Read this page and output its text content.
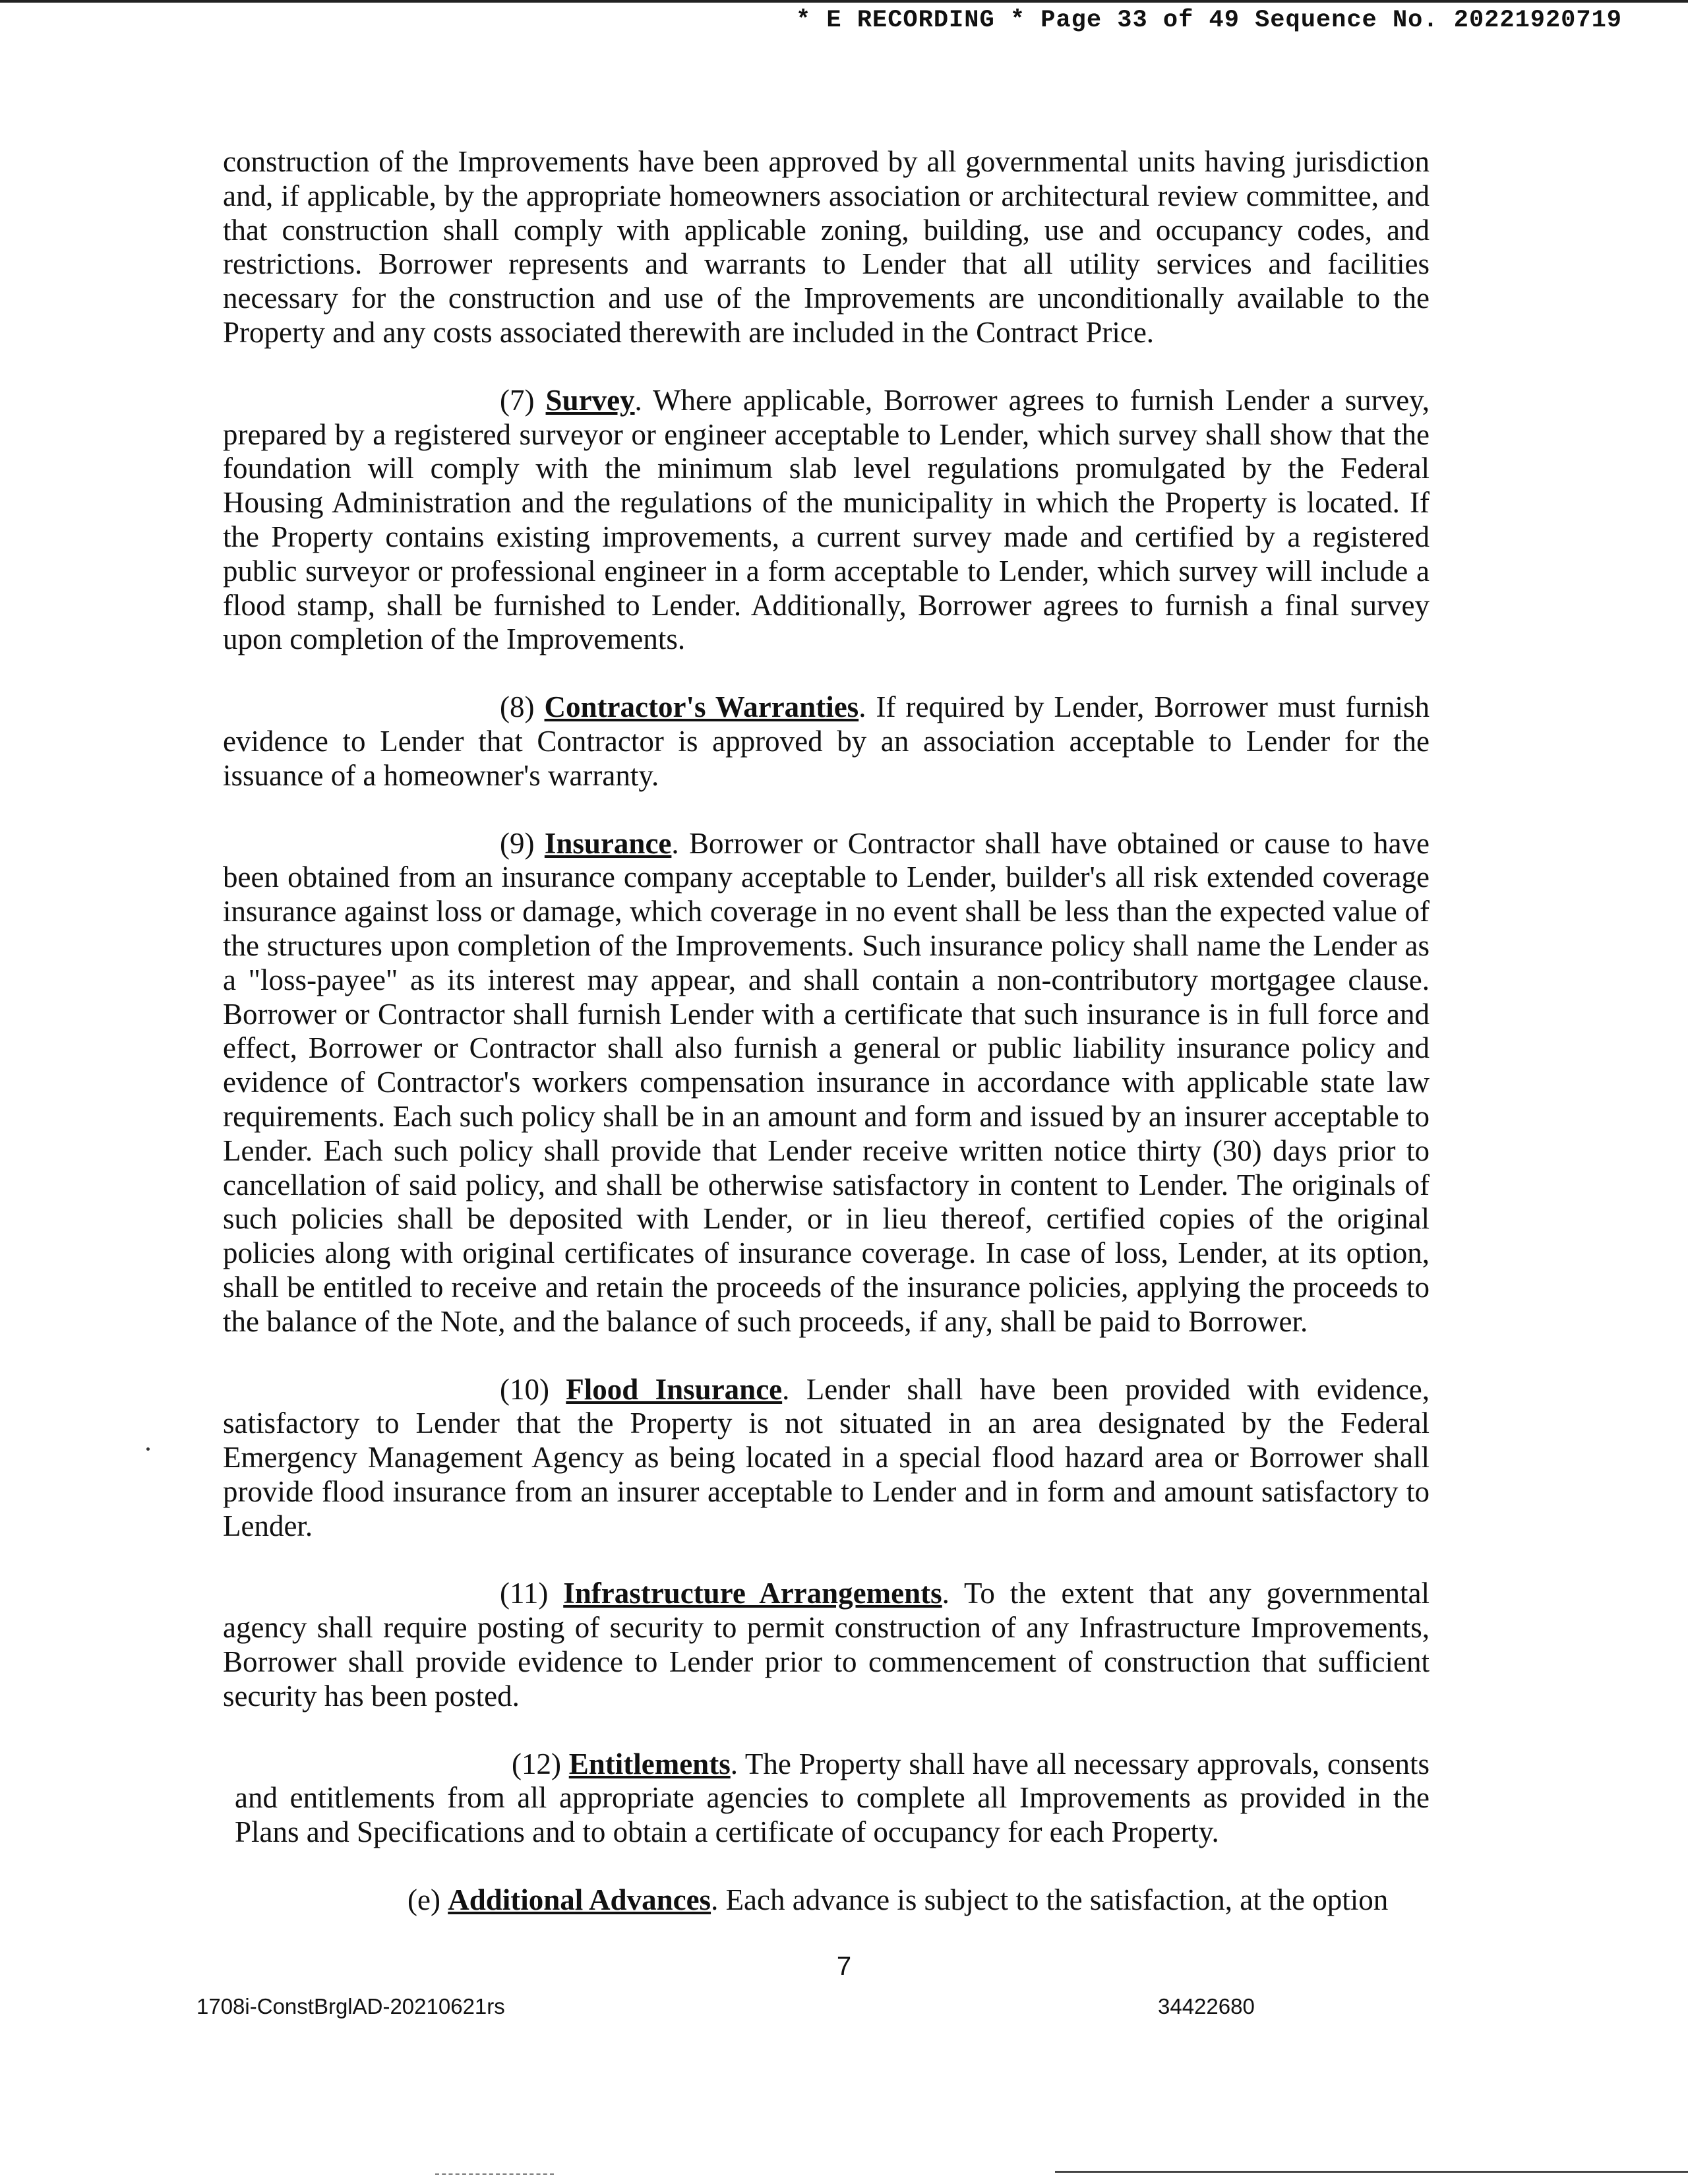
* E RECORDING * Page 33 of 49 Sequence No. 20221920719

construction of the Improvements have been approved by all governmental units having jurisdiction and, if applicable, by the appropriate homeowners association or architectural review committee, and that construction shall comply with applicable zoning, building, use and occupancy codes, and restrictions. Borrower represents and warrants to Lender that all utility services and facilities necessary for the construction and use of the Improvements are unconditionally available to the Property and any costs associated therewith are included in the Contract Price.

(7) Survey. Where applicable, Borrower agrees to furnish Lender a survey, prepared by a registered surveyor or engineer acceptable to Lender, which survey shall show that the foundation will comply with the minimum slab level regulations promulgated by the Federal Housing Administration and the regulations of the municipality in which the Property is located. If the Property contains existing improvements, a current survey made and certified by a registered public surveyor or professional engineer in a form acceptable to Lender, which survey will include a flood stamp, shall be furnished to Lender. Additionally, Borrower agrees to furnish a final survey upon completion of the Improvements.

(8) Contractor's Warranties. If required by Lender, Borrower must furnish evidence to Lender that Contractor is approved by an association acceptable to Lender for the issuance of a homeowner's warranty.

(9) Insurance. Borrower or Contractor shall have obtained or cause to have been obtained from an insurance company acceptable to Lender, builder's all risk extended coverage insurance against loss or damage, which coverage in no event shall be less than the expected value of the structures upon completion of the Improvements. Such insurance policy shall name the Lender as a "loss-payee" as its interest may appear, and shall contain a non-contributory mortgagee clause. Borrower or Contractor shall furnish Lender with a certificate that such insurance is in full force and effect, Borrower or Contractor shall also furnish a general or public liability insurance policy and evidence of Contractor's workers compensation insurance in accordance with applicable state law requirements. Each such policy shall be in an amount and form and issued by an insurer acceptable to Lender. Each such policy shall provide that Lender receive written notice thirty (30) days prior to cancellation of said policy, and shall be otherwise satisfactory in content to Lender. The originals of such policies shall be deposited with Lender, or in lieu thereof, certified copies of the original policies along with original certificates of insurance coverage. In case of loss, Lender, at its option, shall be entitled to receive and retain the proceeds of the insurance policies, applying the proceeds to the balance of the Note, and the balance of such proceeds, if any, shall be paid to Borrower.

(10) Flood Insurance. Lender shall have been provided with evidence, satisfactory to Lender that the Property is not situated in an area designated by the Federal Emergency Management Agency as being located in a special flood hazard area or Borrower shall provide flood insurance from an insurer acceptable to Lender and in form and amount satisfactory to Lender.

(11) Infrastructure Arrangements. To the extent that any governmental agency shall require posting of security to permit construction of any Infrastructure Improvements, Borrower shall provide evidence to Lender prior to commencement of construction that sufficient security has been posted.

(12) Entitlements. The Property shall have all necessary approvals, consents and entitlements from all appropriate agencies to complete all Improvements as provided in the Plans and Specifications and to obtain a certificate of occupancy for each Property.

(e) Additional Advances. Each advance is subject to the satisfaction, at the option

7
1708i-ConstBrglAD-20210621rs	34422680
